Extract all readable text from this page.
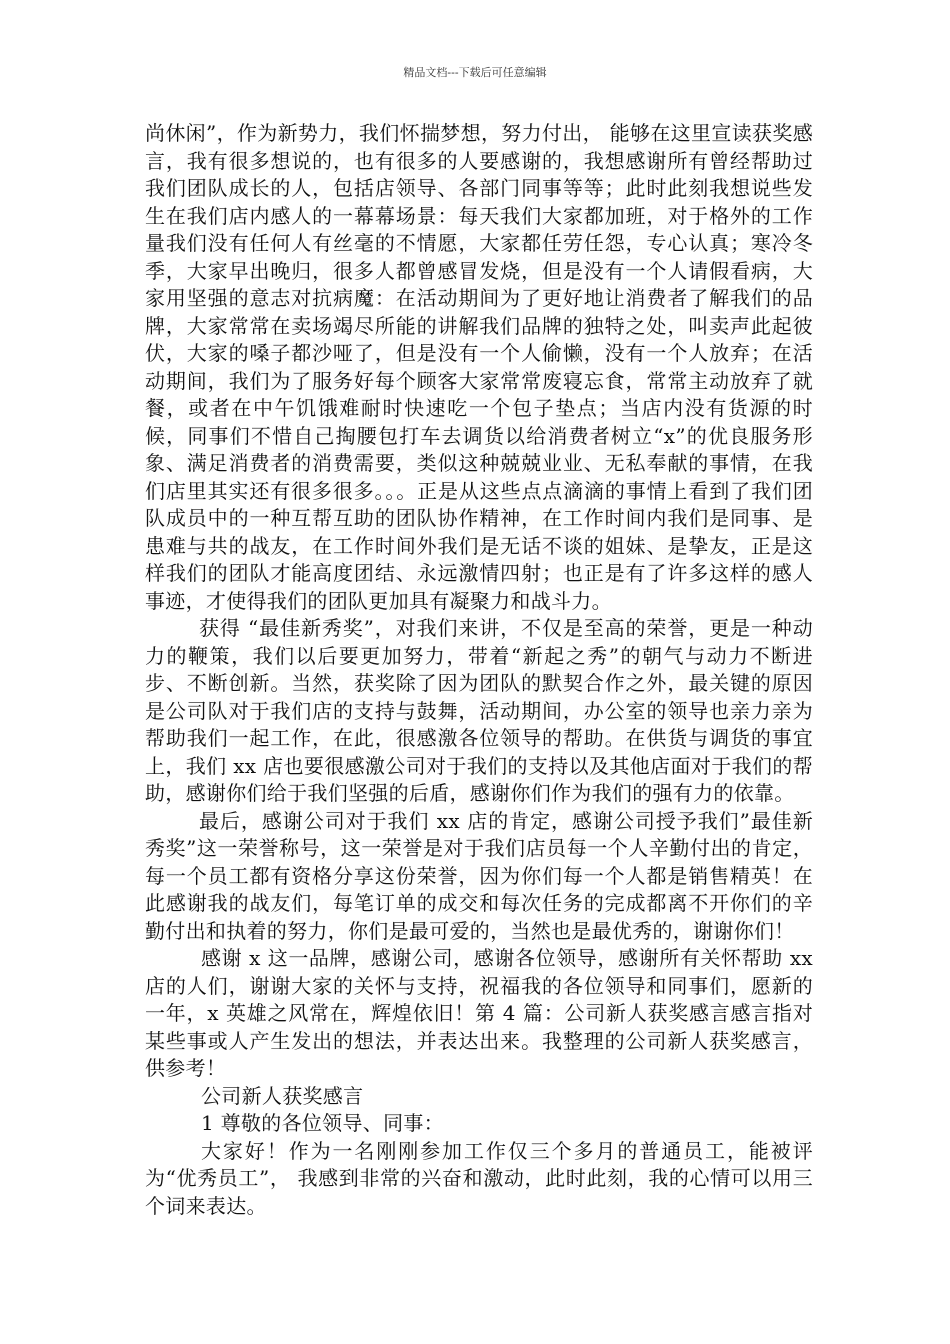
精品文档---下载后可任意编辑

尚休闲”，作为新势力，我们怀揣梦想，努力付出， 能够在这里宣读获奖感言，我有很多想说的，也有很多的人要感谢的，我想感谢所有曾经帮助过我们团队成长的人，包括店领导、各部门同事等等；此时此刻我想说些发生在我们店内感人的一幕幕场景：每天我们大家都加班，对于格外的工作量我们没有任何人有丝毫的不情愿，大家都任劳任怨，专心认真；寒冷冬季，大家早出晚归，很多人都曾感冒发烧，但是没有一个人请假看病，大家用坚强的意志对抗病魔：在活动期间为了更好地让消费者了解我们的品牌，大家常常在卖场竭尽所能的讲解我们品牌的独特之处，叫卖声此起彼伏，大家的嗓子都沙哑了，但是没有一个人偷懒，没有一个人放弃；在活动期间，我们为了服务好每个顾客大家常常废寝忘食，常常主动放弃了就餐，或者在中午饥饿难耐时快速吃一个包子垫点；当店内没有货源的时候，同事们不惜自己掏腰包打车去调货以给消费者树立“x”的优良服务形象、满足消费者的消费需要，类似这种兢兢业业、无私奉献的事情，在我们店里其实还有很多很多。。。正是从这些点点滴滴的事情上看到了我们团队成员中的一种互帮互助的团队协作精神，在工作时间内我们是同事、是患难与共的战友，在工作时间外我们是无话不谈的姐妹、是挚友，正是这样我们的团队才能高度团结、永远激情四射；也正是有了许多这样的感人事迹，才使得我们的团队更加具有凝聚力和战斗力。

获得 “最佳新秀奖”，对我们来讲，不仅是至高的荣誉，更是一种动力的鞭策，我们以后要更加努力，带着“新起之秀”的朝气与动力不断进步、不断创新。当然，获奖除了因为团队的默契合作之外，最关键的原因是公司队对于我们店的支持与鼓舞，活动期间，办公室的领导也亲力亲为帮助我们一起工作，在此，很感激各位领导的帮助。在供货与调货的事宜上，我们 xx 店也要很感激公司对于我们的支持以及其他店面对于我们的帮助，感谢你们给于我们坚强的后盾，感谢你们作为我们的强有力的依靠。

最后，感谢公司对于我们 xx 店的肯定，感谢公司授予我们”最佳新秀奖”这一荣誉称号，这一荣誉是对于我们店员每一个人辛勤付出的肯定，每一个员工都有资格分享这份荣誉，因为你们每一个人都是销售精英！在此感谢我的战友们，每笔订单的成交和每次任务的完成都离不开你们的辛勤付出和执着的努力，你们是最可爱的，当然也是最优秀的，谢谢你们！

感谢 x 这一品牌，感谢公司，感谢各位领导，感谢所有关怀帮助 xx 店的人们，谢谢大家的关怀与支持，祝福我的各位领导和同事们，愿新的一年，x 英雄之风常在，辉煌依旧！第 4 篇：公司新人获奖感言感言指对某些事或人产生发出的想法，并表达出来。我整理的公司新人获奖感言，供参考！

公司新人获奖感言

1 尊敬的各位领导、同事：

大家好！作为一名刚刚参加工作仅三个多月的普通员工，能被评为“优秀员工”， 我感到非常的兴奋和激动，此时此刻，我的心情可以用三个词来表达。
